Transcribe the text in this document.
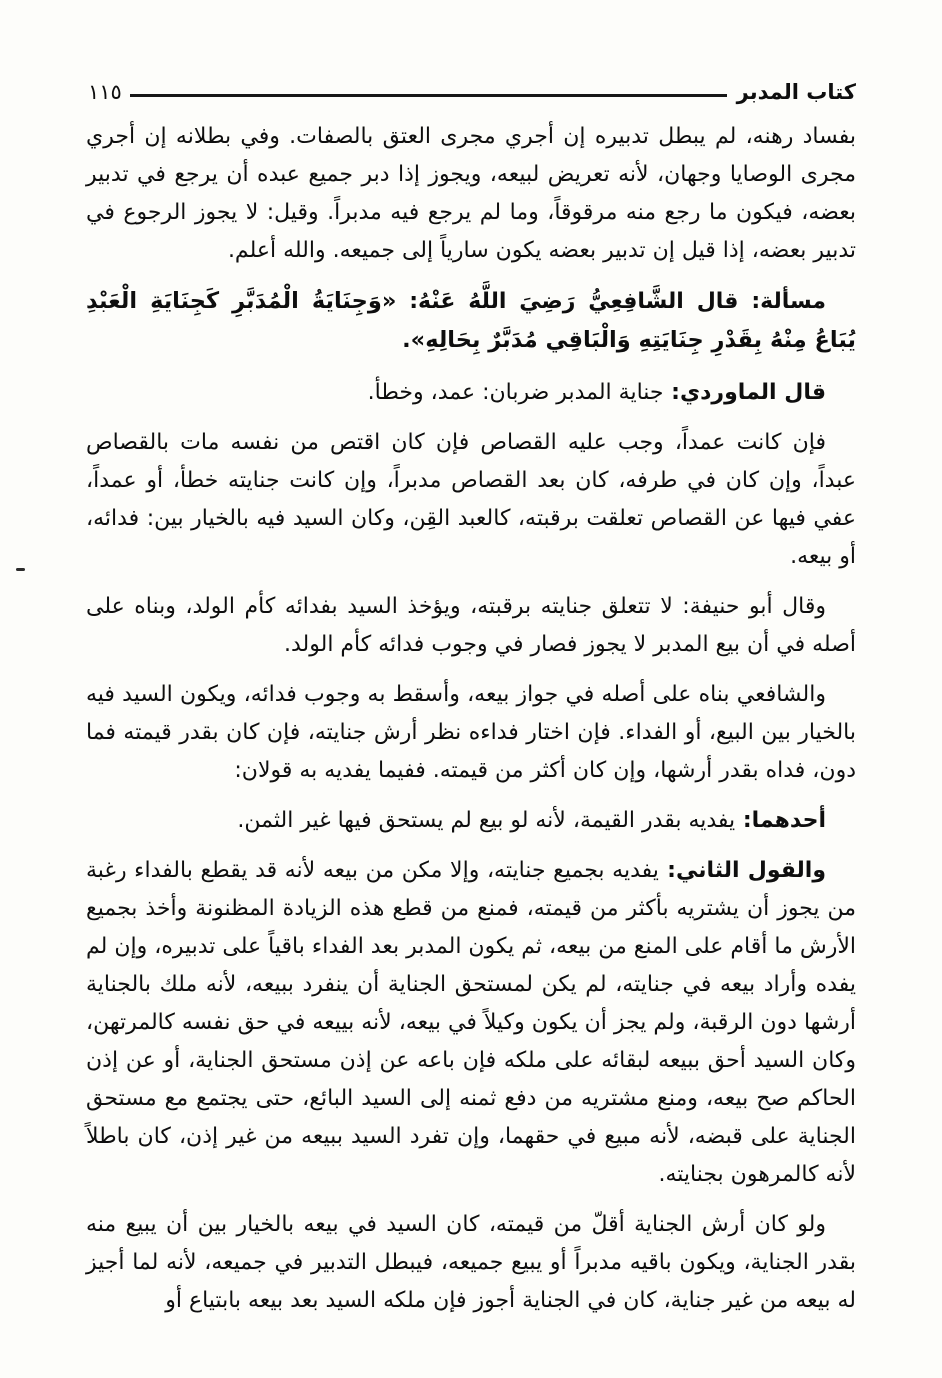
كتاب المدبر
١١٥

بفساد رهنه، لم يبطل تدبيره إن أجري مجرى العتق بالصفات. وفي بطلانه إن أجري مجرى الوصايا وجهان، لأنه تعريض لبيعه، ويجوز إذا دبر جميع عبده أن يرجع في تدبير بعضه، فيكون ما رجع منه مرقوقاً، وما لم يرجع فيه مدبراً. وقيل: لا يجوز الرجوع في تدبير بعضه، إذا قيل إن تدبير بعضه يكون سارياً إلى جميعه. والله أعلم.

مسألة: قال الشَّافِعِيُّ رَضِيَ اللَّهُ عَنْهُ: «وَجِنَايَةُ الْمُدَبَّرِ كَجِنَايَةِ الْعَبْدِ يُبَاعُ مِنْهُ بِقَدْرِ جِنَايَتِهِ وَالْبَاقِي مُدَبَّرٌ بِحَالِهِ».

قال الماوردي: جناية المدبر ضربان: عمد، وخطأ.

فإن كانت عمداً، وجب عليه القصاص فإن كان اقتص من نفسه مات بالقصاص عبداً، وإن كان في طرفه، كان بعد القصاص مدبراً، وإن كانت جنايته خطأ، أو عمداً، عفي فيها عن القصاص تعلقت برقبته، كالعبد القِن، وكان السيد فيه بالخيار بين: فدائه، أو بيعه.

وقال أبو حنيفة: لا تتعلق جنايته برقبته، ويؤخذ السيد بفدائه كأم الولد، وبناه على أصله في أن بيع المدبر لا يجوز فصار في وجوب فدائه كأم الولد.

والشافعي بناه على أصله في جواز بيعه، وأسقط به وجوب فدائه، ويكون السيد فيه بالخيار بين البيع، أو الفداء. فإن اختار فداءه نظر أرش جنايته، فإن كان بقدر قيمته فما دون، فداه بقدر أرشها، وإن كان أكثر من قيمته. ففيما يفديه به قولان:

أحدهما: يفديه بقدر القيمة، لأنه لو بيع لم يستحق فيها غير الثمن.

والقول الثاني: يفديه بجميع جنايته، وإلا مكن من بيعه لأنه قد يقطع بالفداء رغبة من يجوز أن يشتريه بأكثر من قيمته، فمنع من قطع هذه الزيادة المظنونة وأخذ بجميع الأرش ما أقام على المنع من بيعه، ثم يكون المدبر بعد الفداء باقياً على تدبيره، وإن لم يفده وأراد بيعه في جنايته، لم يكن لمستحق الجناية أن ينفرد ببيعه، لأنه ملك بالجناية أرشها دون الرقبة، ولم يجز أن يكون وكيلاً في بيعه، لأنه بييعه في حق نفسه كالمرتهن، وكان السيد أحق ببيعه لبقائه على ملكه فإن باعه عن إذن مستحق الجناية، أو عن إذن الحاكم صح بيعه، ومنع مشتريه من دفع ثمنه إلى السيد البائع، حتى يجتمع مع مستحق الجناية على قبضه، لأنه مبيع في حقهما، وإن تفرد السيد ببيعه من غير إذن، كان باطلاً لأنه كالمرهون بجنايته.

ولو كان أرش الجناية أقلّ من قيمته، كان السيد في بيعه بالخيار بين أن يبيع منه بقدر الجناية، ويكون باقيه مدبراً أو يبيع جميعه، فيبطل التدبير في جميعه، لأنه لما أجيز له بيعه من غير جناية، كان في الجناية أجوز فإن ملكه السيد بعد بيعه بابتياع أو
